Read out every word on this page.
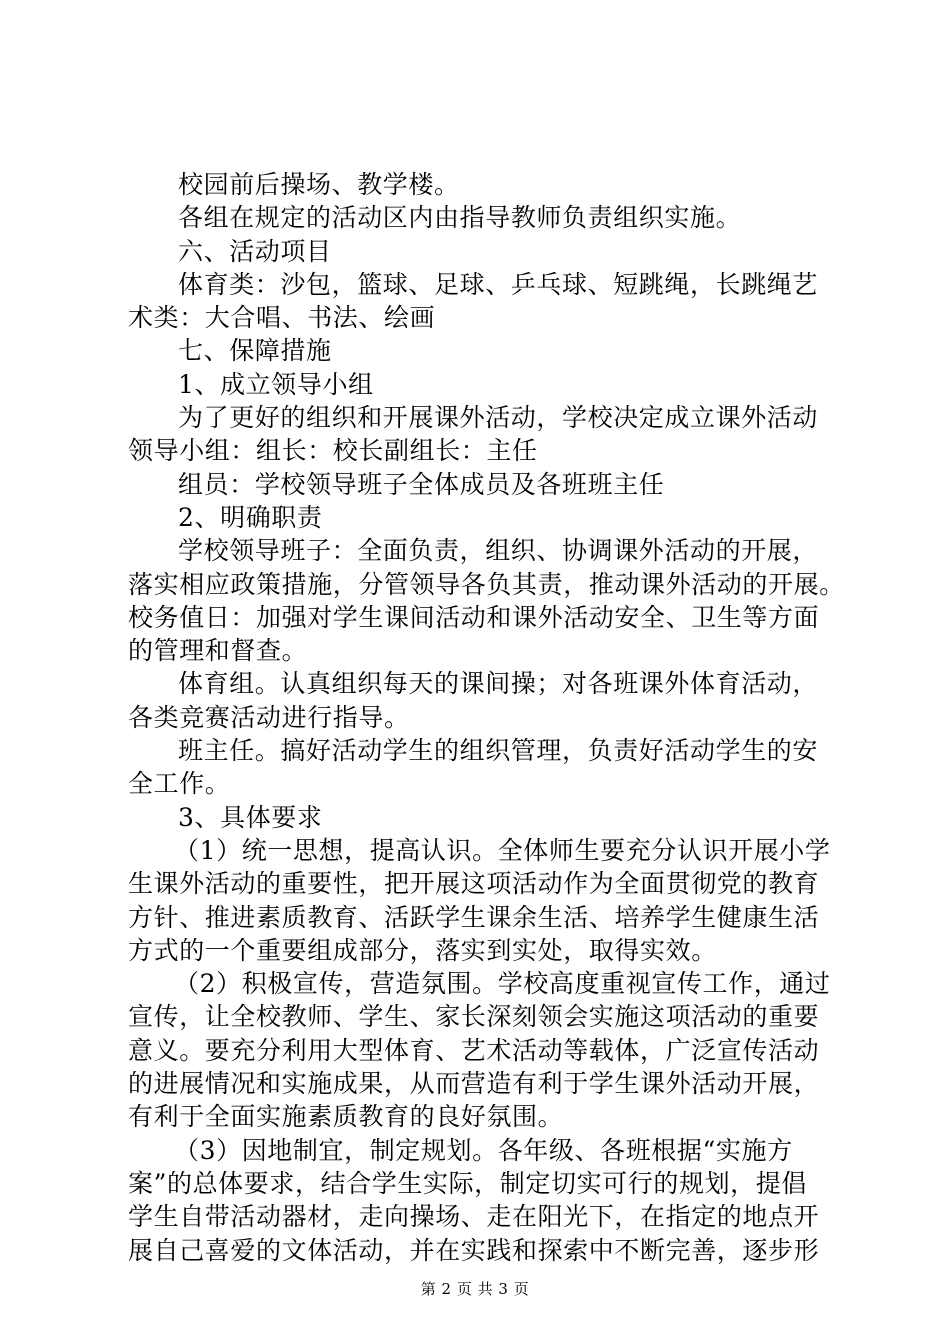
校园前后操场、教学楼。
各组在规定的活动区内由指导教师负责组织实施。
六、活动项目
体育类：沙包，篮球、足球、乒乓球、短跳绳，长跳绳艺
术类：大合唱、书法、绘画
七、保障措施
1、成立领导小组
为了更好的组织和开展课外活动，学校决定成立课外活动
领导小组：组长：校长副组长：主任
组员：学校领导班子全体成员及各班班主任
2、明确职责
学校领导班子：全面负责，组织、协调课外活动的开展，
落实相应政策措施，分管领导各负其责，推动课外活动的开展。
校务值日：加强对学生课间活动和课外活动安全、卫生等方面
的管理和督查。
体育组。认真组织每天的课间操；对各班课外体育活动，
各类竞赛活动进行指导。
班主任。搞好活动学生的组织管理，负责好活动学生的安
全工作。
3、具体要求
（1）统一思想，提高认识。全体师生要充分认识开展小学
生课外活动的重要性，把开展这项活动作为全面贯彻党的教育
方针、推进素质教育、活跃学生课余生活、培养学生健康生活
方式的一个重要组成部分，落实到实处，取得实效。
（2）积极宣传，营造氛围。学校高度重视宣传工作，通过
宣传，让全校教师、学生、家长深刻领会实施这项活动的重要
意义。要充分利用大型体育、艺术活动等载体，广泛宣传活动
的进展情况和实施成果，从而营造有利于学生课外活动开展，
有利于全面实施素质教育的良好氛围。
（3）因地制宜，制定规划。各年级、各班根据“实施方
案”的总体要求，结合学生实际，制定切实可行的规划，提倡
学生自带活动器材，走向操场、走在阳光下，在指定的地点开
展自己喜爱的文体活动，并在实践和探索中不断完善，逐步形
第 2 页 共 3 页
